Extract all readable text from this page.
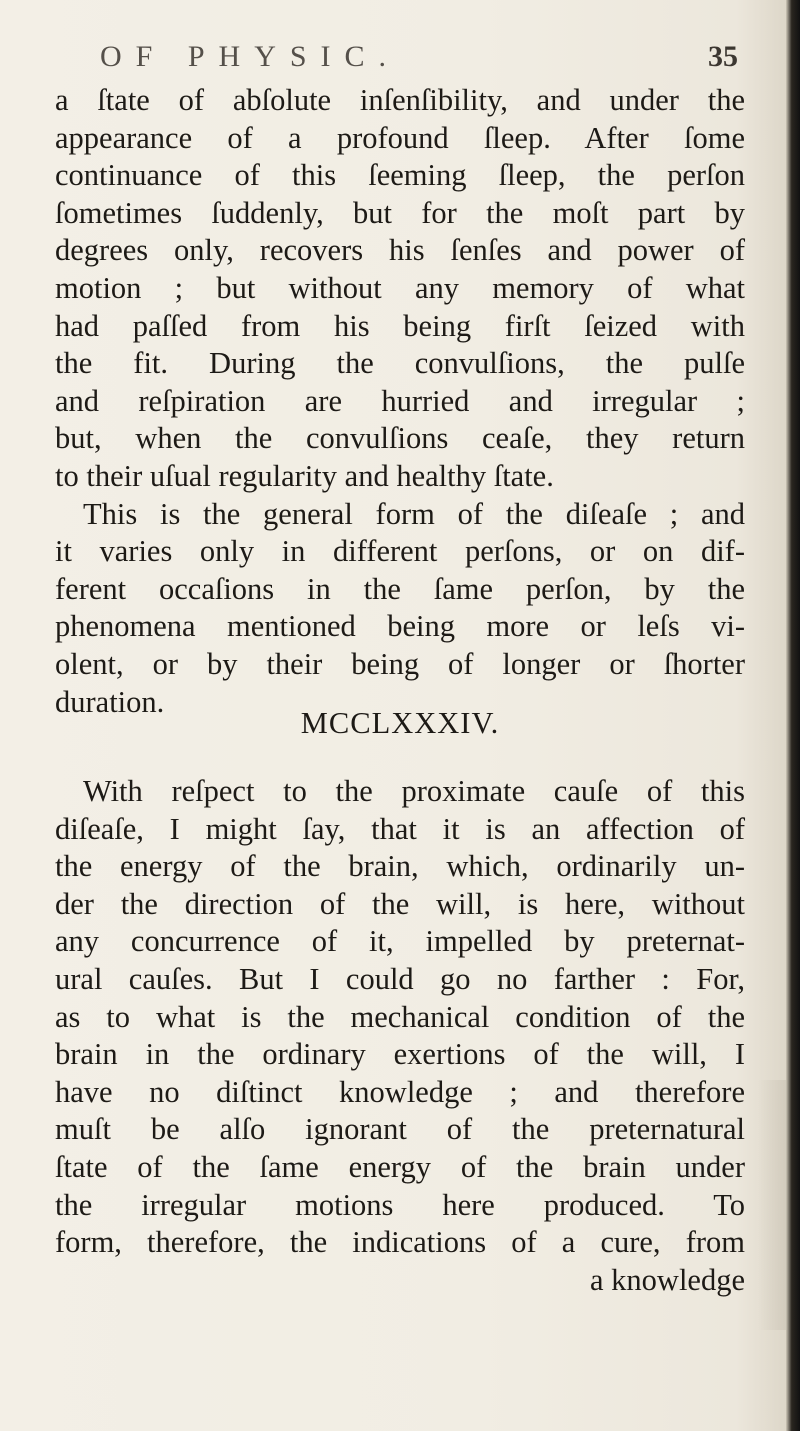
OF PHYSIC.	35
a ſtate of abſolute inſenſibility, and under the
appearance of a profound ſleep. After ſome
continuance of this ſeeming ſleep, the perſon
ſometimes ſuddenly, but for the moſt part by
degrees only, recovers his ſenſes and power of
motion ; but without any memory of what
had paſſed from his being firſt ſeized with
the fit. During the convulſions, the pulſe
and reſpiration are hurried and irregular ;
but, when the convulſions ceaſe, they return
to their uſual regularity and healthy ſtate.
This is the general form of the diſeaſe ; and
it varies only in different perſons, or on dif-
ferent occaſions in the ſame perſon, by the
phenomena mentioned being more or leſs vi-
olent, or by their being of longer or ſhorter
duration.
MCCLXXXIV.
With reſpect to the proximate cauſe of this
diſeaſe, I might ſay, that it is an affection of
the energy of the brain, which, ordinarily un-
der the direction of the will, is here, without
any concurrence of it, impelled by preternat-
ural cauſes. But I could go no farther : For,
as to what is the mechanical condition of the
brain in the ordinary exertions of the will, I
have no diſtinct knowledge ; and therefore
muſt be alſo ignorant of the preternatural
ſtate of the ſame energy of the brain under
the irregular motions here produced. To
form, therefore, the indications of a cure, from
a knowledge
